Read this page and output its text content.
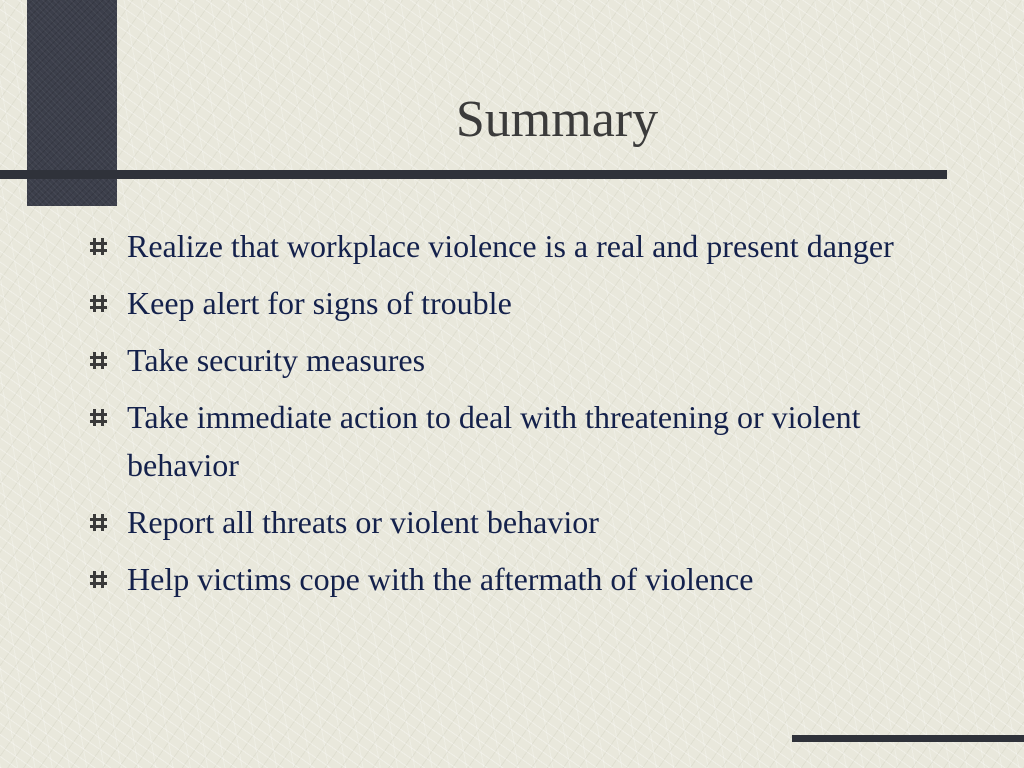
Summary
Realize that workplace violence is a real and present danger
Keep alert for signs of trouble
Take security measures
Take immediate action to deal with threatening or violent behavior
Report all threats or violent behavior
Help victims cope with the aftermath of violence
